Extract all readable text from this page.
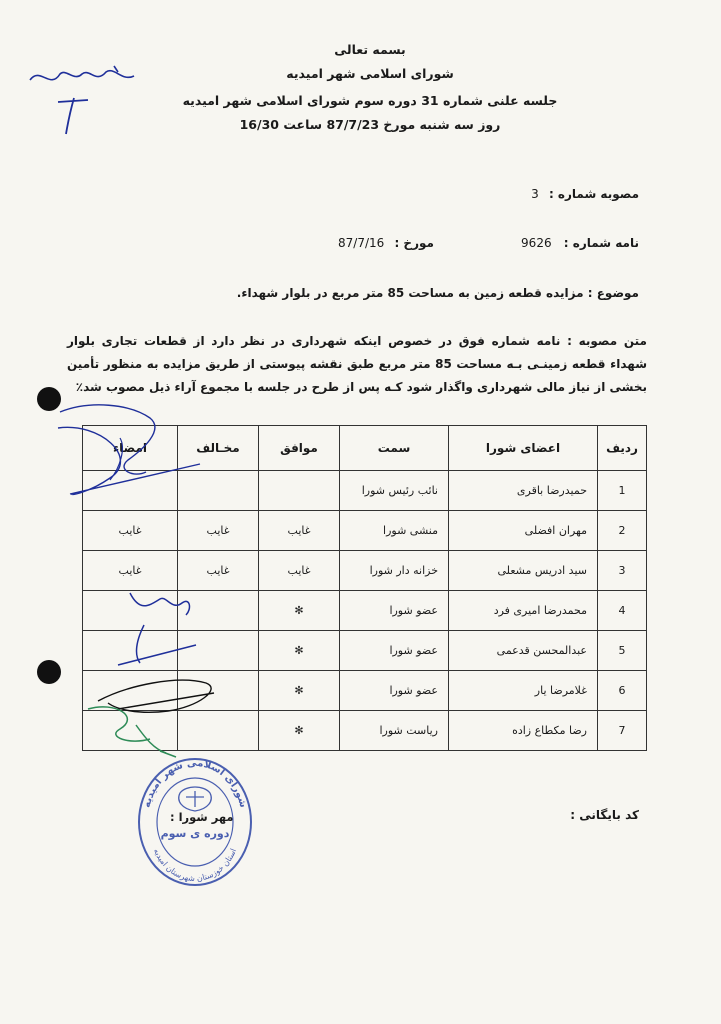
بسمه تعالی
شورای اسلامی شهر امیدیه
جلسه علنی شماره 31 دوره سوم شورای اسلامی شهر امیدیه
روز سه شنبه مورخ 87/7/23 ساعت 16/30
مصوبه شماره : 3
نامه شماره : 9626
مورخ : 87/7/16
موضوع : مزایده قطعه زمین به مساحت 85 متر مربع در بلوار شهداء.
متن مصوبه : نامه شماره فوق در خصوص اینکه شهرداری در نظر دارد از قطعات تجاری بلوار شهداء قطعه زمینـی بـه مساحت 85 متر مربع طبق نقشه پیوستی از طریق مزایده به منظور تأمین بخشی از نیاز مالی شهرداری واگذار شود کـه پس از طرح در جلسه با مجموع آراء ذیل مصوب شد٪
ردیف	اعضای شورا	سمت	موافق	مخـالف	امضاء
1	حمیدرضا باقری	نائب رئیس شورا			
2	مهران افضلی	منشی شورا	غایب	غایب	غایب
3	سید ادریس مشعلی	خزانه دار شورا	غایب	غایب	غایب
4	محمدرضا امیری فرد	عضو شورا	✻		
5	عبدالمحسن قدعمی	عضو شورا	✻		
6	غلامرضا یار	عضو شورا	✻		
7	رضا مکطاع زاده	ریاست شورا	✻		
کد بایگانی :
مهر شورا :
شورای اسلامی شهر امیدیه
استان خوزستان شهرستان امیدیه
دوره ی سوم
